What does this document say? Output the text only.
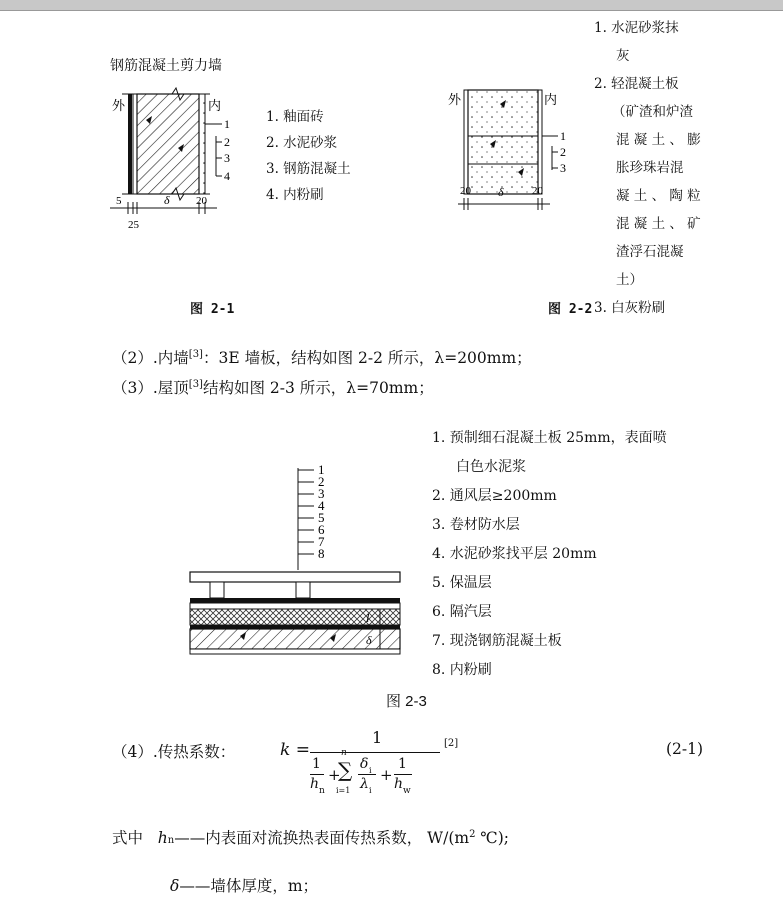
钢筋混凝土剪力墙
外	内
1
2
3
4
5	20
δ
25
1. 釉面砖
2. 水泥砂浆
3. 钢筋混凝土
4. 内粉刷
图 2-1
外	内
1
2
3
20 δ	20
1. 水泥砂浆抹
灰
2. 轻混凝土板
（矿渣和炉渣
混 凝 土 、 膨
胀珍珠岩混
凝 土 、 陶 粒
混 凝 土 、 矿
渣浮石混凝
土）
3. 白灰粉刷
图 2-2
（2）.内墙[3]：3E 墙板，结构如图 2-2 所示，λ=200mm；
（3）.屋顶[3]结构如图 2-3 所示，λ=70mm；
1
2
3
4
5
6
7
8
l
δ
1. 预制细石混凝土板 25mm，表面喷
白色水泥浆
2. 通风层≥200mm
3. 卷材防水层
4. 水泥砂浆找平层 20mm
5. 保温层
6. 隔汽层
7. 现浇钢筋混凝土板
8. 内粉刷
图 2-3
（4）.传热系数：	k =
1
1
h n
+
n
∑
i=1
δ i
λ i
+
1
h w
[2]	(2-1)
式中 hn——内表面对流换热表面传热系数， $W/(m^2$ ℃);
δ——墙体厚度，m；
